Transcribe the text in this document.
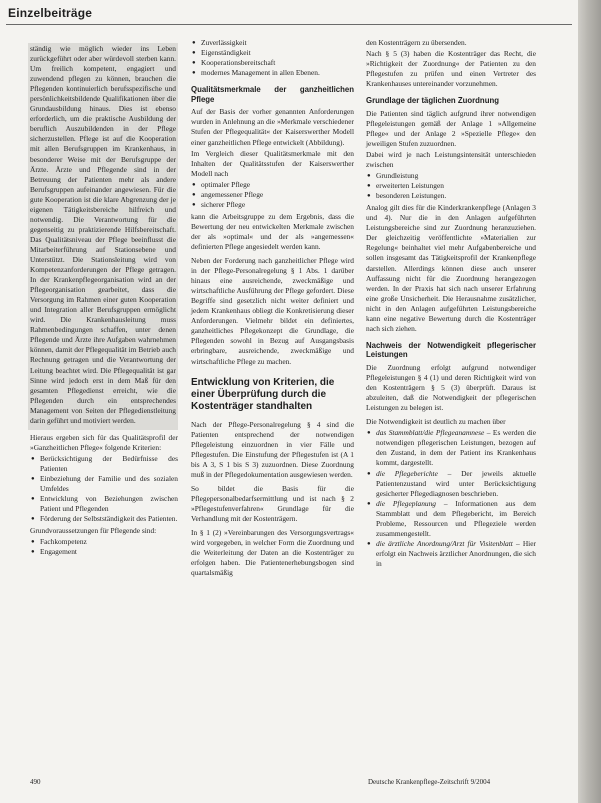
Einzelbeiträge

ständig wie möglich wieder ins Leben zurückgeführt oder aber würdevoll sterben kann. Um freilich kompetent, engagiert und zuwendend pflegen zu können, brauchen die Pflegenden kontinuierlich berufsspezifische und persönlichkeitsbildende Qualifikationen über die Grundausbildung hinaus. Dies ist ebenso erforderlich, um die praktische Ausbildung der beruflich Auszubildenden in der Pflege sicherzustellen. Pflege ist auf die Kooperation mit allen Berufsgruppen im Krankenhaus, in besonderer Weise mit der Berufsgruppe der Ärzte. Ärzte und Pflegende sind in der Betreuung der Patienten mehr als andere Berufsgruppen aufeinander angewiesen. Für die gute Kooperation ist die klare Abgrenzung der je eigenen Tätigkeitsbereiche hilfreich und notwendig. Die Verantwortung für die gegenseitig zu praktizierende Hilfsbereitschaft. Das Qualitätsniveau der Pflege beeinflusst die Mitarbeiterführung auf Stationsebene und Unterstützt. Die Stationsleitung wird von Kompetenzanforderungen der Pflege getragen. In der Krankenpflegeorganisation wird an der Pflegeorganisation gearbeitet, dass die Versorgung im Rahmen einer guten Kooperation und Integration aller Berufsgruppen ermöglicht wird. Die Krankenhausleitung muss Rahmenbedingungen schaffen, unter denen Pflegende und Ärzte ihre Aufgaben wahrnehmen können, damit der Pflegequalität im Betrieb auch Rechnung getragen und die Verantwortung der Leitung beachtet wird. Die Pflegequalität ist gar Sinne wird jedoch erst in dem Maß für den gesamten Pflegedienst erreicht, wie die Pflegenden durch ein entsprechendes Management von Seiten der Pflegedienstleitung darin geführt und motiviert werden.

Hieraus ergeben sich für das Qualitätsprofil der »Ganzheitlichen Pflege« folgende Kriterien:

● Berücksichtigung der Bedürfnisse des Patienten
● Einbeziehung der Familie und des sozialen Umfeldes
● Entwicklung von Beziehungen zwischen Patient und Pflegenden
● Förderung der Selbstständigkeit des Patienten.

Grundvoraussetzungen für Pflegende sind:

● Fachkompetenz
● Engagement
● Zuverlässigkeit
● Eigenständigkeit
● Kooperationsbereitschaft
● modernes Management in allen Ebenen.
Qualitätsmerkmale der ganzheitlichen Pflege

Auf der Basis der vorher genannten Anforderungen wurden in Anlehnung an die »Merkmale verschiedener Stufen der Pflegequalität« der Kaiserswerther Modell einer ganzheitlichen Pflege entwickelt (Abbildung).

Im Vergleich dieser Qualitätsmerkmale mit den Inhalten der Qualitätsstufen der Kaiserswerther Modell nach

● optimaler Pflege
● angemessener Pflege
● sicherer Pflege

kann die Arbeitsgruppe zu dem Ergebnis, dass die Bewertung der neu entwickelten Merkmale zwischen der als »optimal« und der als »angemessen« definierten Pflege angesiedelt werden kann.

Neben der Forderung nach ganzheitlicher Pflege wird in der Pflege-Personalregelung § 1 Abs. 1 darüber hinaus eine ausreichende, zweckmäßige und wirtschaftliche Ausführung der Pflege gefordert. Diese Begriffe sind gesetzlich nicht weiter definiert und jedem Krankenhaus obliegt die Konkretisierung dieser Anforderungen. Vielmehr bildet ein definiertes, ganzheitliches Pflegekonzept die Grundlage, die Pflegenden sowohl in Bezug auf Ausgangsbasis erbringbare, ausreichende, zweckmäßige und wirtschaftliche Pflege zu machen.

Entwicklung von Kriterien, die einer Überprüfung durch die Kostenträger standhalten

Nach der Pflege-Personalregelung § 4 sind die Patienten entsprechend der notwendigen Pflegeleistung einzuordnen in vier Fälle und Pflegestufen. Die Einstufung der Pflegestufen ist (A 1 bis A 3, S 1 bis S 3) zuzuordnen. Diese Zuordnung muß in der Pflegedokumentation ausgewiesen werden.

So bildet die Basis für die Pflegepersonalbedarfsermittlung und ist nach § 2 »Pflegestufenverfahren« Grundlage für die Verhandlung mit der Kostenträgern.

In § 1 (2) »Vereinbarungen des Versorgungsvertrags« wird vorgegeben, in welcher Form die Zuordnung und die Weiterleitung der Daten an die Kostenträger zu erfolgen haben. Die Patientenerhebungsbogen sind quartalsmäßig

den Kostenträgern zu übersenden.

Nach § 5 (3) haben die Kostenträger das Recht, die »Richtigkeit der Zuordnung« der Patienten zu den Pflegestufen zu prüfen und einen Vertreter des Krankenhauses untereinander vorzunehmen.

Grundlage der täglichen Zuordnung

Die Patienten sind täglich aufgrund ihrer notwendigen Pflegeleistungen gemäß der Anlage 1 »Allgemeine Pflege« und der Anlage 2 »Spezielle Pflege« den jeweiligen Stufen zuzuordnen.

Dabei wird je nach Leistungsintensität unterschieden zwischen

● Grundleistung
● erweiterten Leistungen
● besonderen Leistungen.

Analog gilt dies für die Kinderkrankenpflege (Anlagen 3 und 4). Nur die in den Anlagen aufgeführten Leistungsbereiche sind zur Zuordnung heranzuziehen. Der gleichzeitig veröffentlichte »Materialien zur Regelung« beinhaltet viel mehr Aufgabenbereiche und sollen insgesamt das Tätigkeitsprofil der Krankenpflege darstellen. Allerdings können diese auch unserer Auffassung nicht für die Zuordnung herangezogen werden. In der Praxis hat sich nach unserer Erfahrung eine große Unsicherheit. Die Herausnahme zusätzlicher, nicht in den Anlagen aufgeführten Leistungsbereiche kann eine negative Bewertung durch die Kostenträger nach sich ziehen.

Nachweis der Notwendigkeit pflegerischer Leistungen

Die Zuordnung erfolgt aufgrund notwendiger Pflegeleistungen § 4 (1) und deren Richtigkeit wird von den Kostenträgern § 5 (3) überprüft. Daraus ist abzuleiten, daß die Notwendigkeit der pflegerischen Leistungen zu belegen ist.

Die Notwendigkeit ist deutlich zu machen über

● das Stammblatt/die Pflegeanamnese – Es werden die notwendigen pflegerischen Leistungen, bezogen auf den Zustand, in dem der Patient ins Krankenhaus kommt, dargestellt.
● die Pflegeberichte – Der jeweils aktuelle Patientenzustand wird unter Berücksichtigung gesicherter Pflegediagnosen beschrieben.
● die Pflegeplanung – Informationen aus dem Stammblatt und dem Pflegebericht, im Bereich Probleme, Ressourcen und Pflegeziele werden zusammengestellt.
● die ärztliche Anordnung/Arzt für Visitenblatt – Hier erfolgt ein Nachweis ärztlicher Anordnungen, die sich in
490	Deutsche Krankenpflege-Zeitschrift 9/2004
